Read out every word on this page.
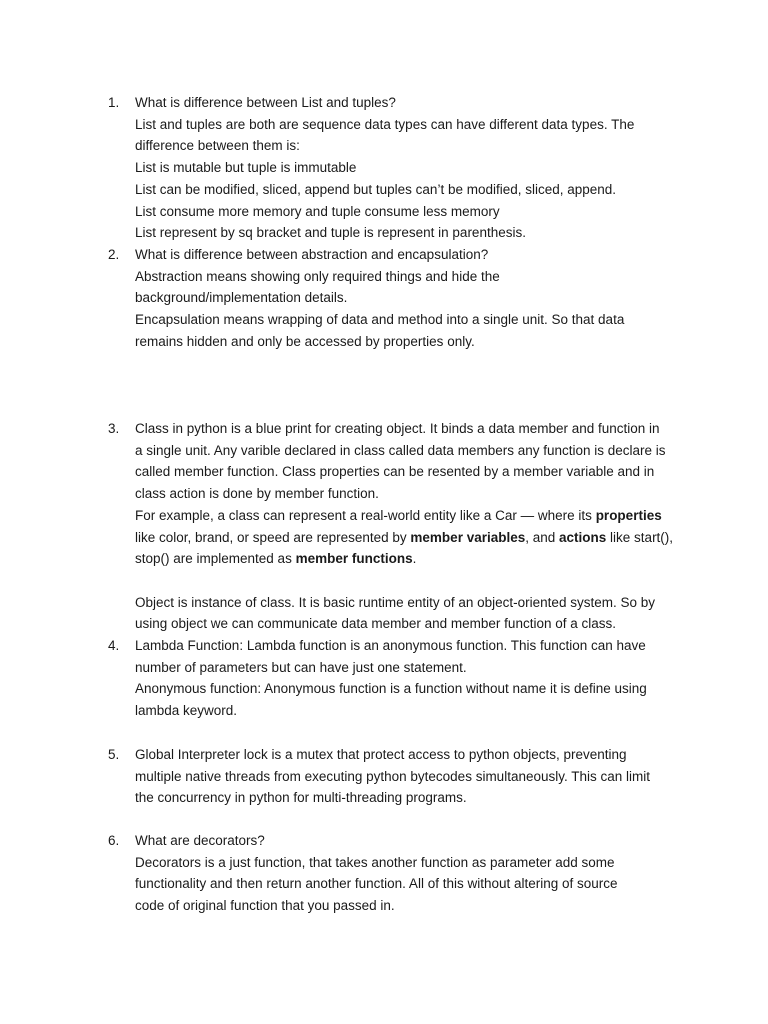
1.	What is difference between List and tuples?
List and tuples are both are sequence data types can have different data types. The
difference between them is:
List is mutable but tuple is immutable
List can be modified, sliced, append but tuples can’t be modified, sliced, append.
List consume more memory and tuple consume less memory
List represent by sq bracket and tuple is represent in parenthesis.
2.	What is difference between abstraction and encapsulation?
Abstraction means showing only required things and hide the
background/implementation details.
Encapsulation means wrapping of data and method into a single unit. So that data
remains hidden and only be accessed by properties only.
3.	Class in python is a blue print for creating object. It binds a data member and function in
a single unit. Any varible declared in class called data members any function is declare is
called member function. Class properties can be resented by a member variable and in
class action is done by member function.
For example, a class can represent a real-world entity like a Car — where its properties
like color, brand, or speed are represented by member variables, and actions like start(),
stop() are implemented as member functions.
Object is instance of class. It is basic runtime entity of an object-oriented system. So by
using object we can communicate data member and member function of a class.
4.	Lambda Function: Lambda function is an anonymous function. This function can have
number of parameters but can have just one statement.
Anonymous function: Anonymous function is a function without name it is define using
lambda keyword.
5.	Global Interpreter lock is a mutex that protect access to python objects, preventing
multiple native threads from executing python bytecodes simultaneously. This can limit
the concurrency in python for multi-threading programs.
6.	What are decorators?
Decorators is a just function, that takes another function as parameter add some
functionality and then return another function. All of this without altering of source
code of original function that you passed in.
